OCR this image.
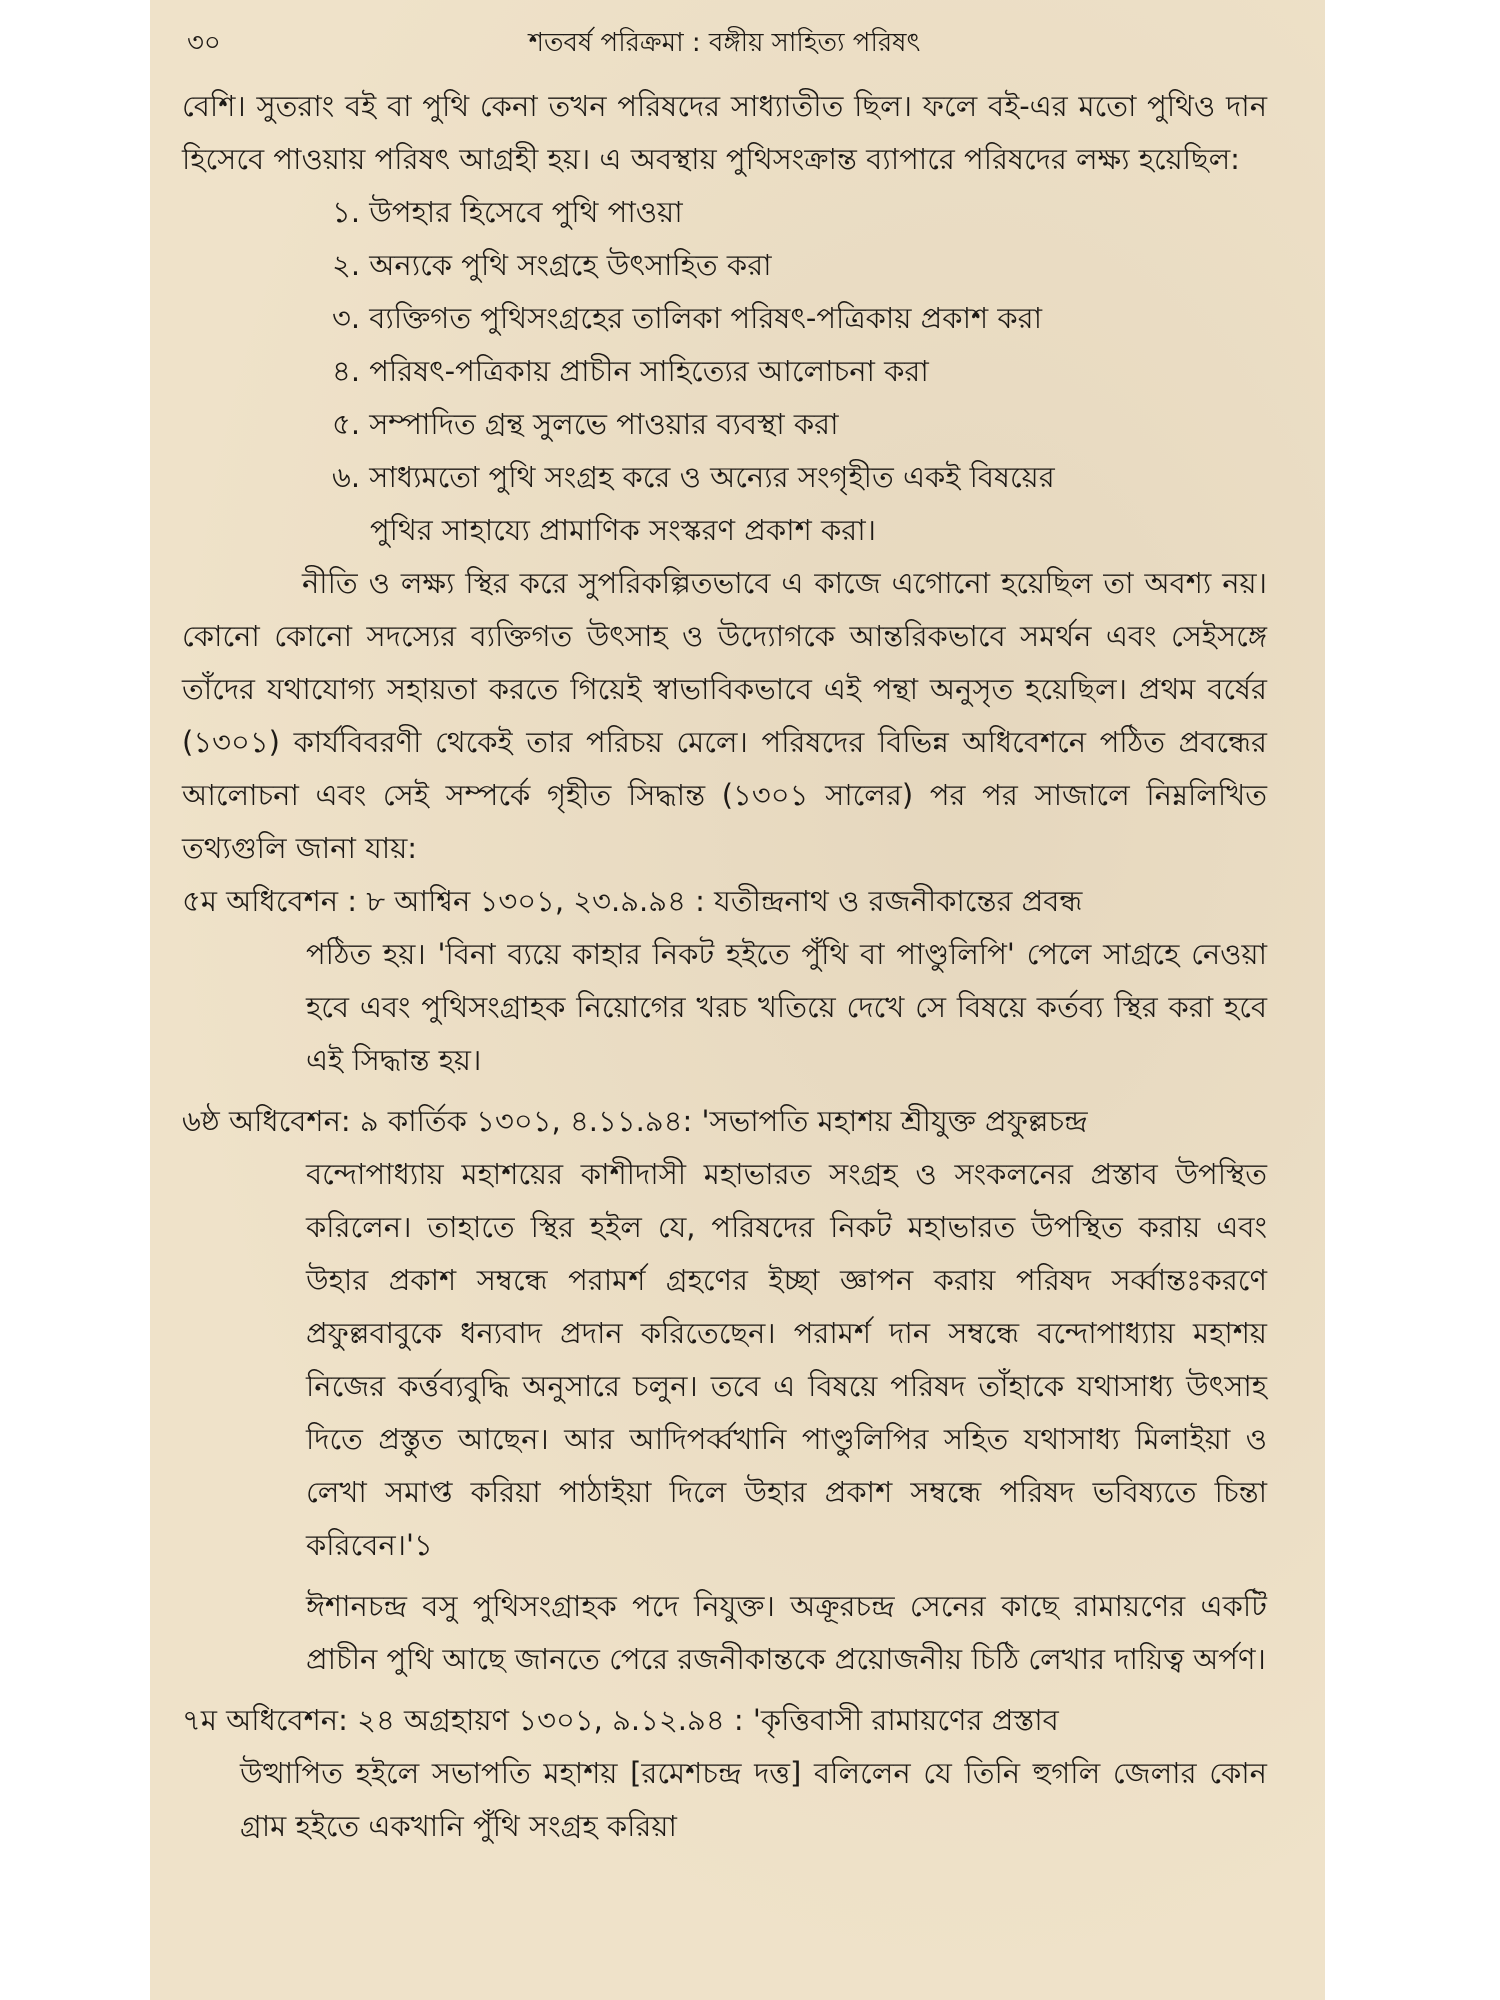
৩০	শতবর্ষ পরিক্রমা : বঙ্গীয় সাহিত্য পরিষৎ

বেশি। সুতরাং বই বা পুথি কেনা তখন পরিষদের সাধ্যাতীত ছিল। ফলে বই-এর মতো পুথিও দান হিসেবে পাওয়ায় পরিষৎ আগ্রহী হয়। এ অবস্থায় পুথিসংক্রান্ত ব্যাপারে পরিষদের লক্ষ্য হয়েছিল:

১. উপহার হিসেবে পুথি পাওয়া
২. অন্যকে পুথি সংগ্রহে উৎসাহিত করা
৩. ব্যক্তিগত পুথিসংগ্রহের তালিকা পরিষৎ-পত্রিকায় প্রকাশ করা
৪. পরিষৎ-পত্রিকায় প্রাচীন সাহিত্যের আলোচনা করা
৫. সম্পাদিত গ্রন্থ সুলভে পাওয়ার ব্যবস্থা করা
৬. সাধ্যমতো পুথি সংগ্রহ করে ও অন্যের সংগৃহীত একই বিষয়ের
পুথির সাহায্যে প্রামাণিক সংস্করণ প্রকাশ করা।

নীতি ও লক্ষ্য স্থির করে সুপরিকল্পিতভাবে এ কাজে এগোনো হয়েছিল তা অবশ্য নয়। কোনো কোনো সদস্যের ব্যক্তিগত উৎসাহ ও উদ্যোগকে আন্তরিকভাবে সমর্থন এবং সেইসঙ্গে তাঁদের যথাযোগ্য সহায়তা করতে গিয়েই স্বাভাবিকভাবে এই পন্থা অনুসৃত হয়েছিল। প্রথম বর্ষের (১৩০১) কার্যবিবরণী থেকেই তার পরিচয় মেলে। পরিষদের বিভিন্ন অধিবেশনে পঠিত প্রবন্ধের আলোচনা এবং সেই সম্পর্কে গৃহীত সিদ্ধান্ত (১৩০১ সালের) পর পর সাজালে নিম্নলিখিত তথ্যগুলি জানা যায়:

৫ম অধিবেশন : ৮ আশ্বিন ১৩০১, ২৩.৯.৯৪ : যতীন্দ্রনাথ ও রজনীকান্তের প্রবন্ধ

পঠিত হয়। 'বিনা ব্যয়ে কাহার নিকট হইতে পুঁথি বা পাণ্ডুলিপি' পেলে সাগ্রহে নেওয়া হবে এবং পুথিসংগ্রাহক নিয়োগের খরচ খতিয়ে দেখে সে বিষয়ে কর্তব্য স্থির করা হবে এই সিদ্ধান্ত হয়।

৬ষ্ঠ অধিবেশন: ৯ কার্তিক ১৩০১, ৪.১১.৯৪: 'সভাপতি মহাশয় শ্রীযুক্ত প্রফুল্লচন্দ্র

বন্দোপাধ্যায় মহাশয়ের কাশীদাসী মহাভারত সংগ্রহ ও সংকলনের প্রস্তাব উপস্থিত করিলেন। তাহাতে স্থির হইল যে, পরিষদের নিকট মহাভারত উপস্থিত করায় এবং উহার প্রকাশ সম্বন্ধে পরামর্শ গ্রহণের ইচ্ছা জ্ঞাপন করায় পরিষদ সর্ব্বান্তঃকরণে প্রফুল্লবাবুকে ধন্যবাদ প্রদান করিতেছেন। পরামর্শ দান সম্বন্ধে বন্দোপাধ্যায় মহাশয় নিজের কর্ত্তব্যবুদ্ধি অনুসারে চলুন। তবে এ বিষয়ে পরিষদ তাঁহাকে যথাসাধ্য উৎসাহ দিতে প্রস্তুত আছেন। আর আদিপর্ব্বখানি পাণ্ডুলিপির সহিত যথাসাধ্য মিলাইয়া ও লেখা সমাপ্ত করিয়া পাঠাইয়া দিলে উহার প্রকাশ সম্বন্ধে পরিষদ ভবিষ্যতে চিন্তা করিবেন।'১

ঈশানচন্দ্র বসু পুথিসংগ্রাহক পদে নিযুক্ত। অক্রূরচন্দ্র সেনের কাছে রামায়ণের একটি প্রাচীন পুথি আছে জানতে পেরে রজনীকান্তকে প্রয়োজনীয় চিঠি লেখার দায়িত্ব অর্পণ।

৭ম অধিবেশন: ২৪ অগ্রহায়ণ ১৩০১, ৯.১২.৯৪ : 'কৃত্তিবাসী রামায়ণের প্রস্তাব

উত্থাপিত হইলে সভাপতি মহাশয় [রমেশচন্দ্র দত্ত] বলিলেন যে তিনি হুগলি জেলার কোন গ্রাম হইতে একখানি পুঁথি সংগ্রহ করিয়া
